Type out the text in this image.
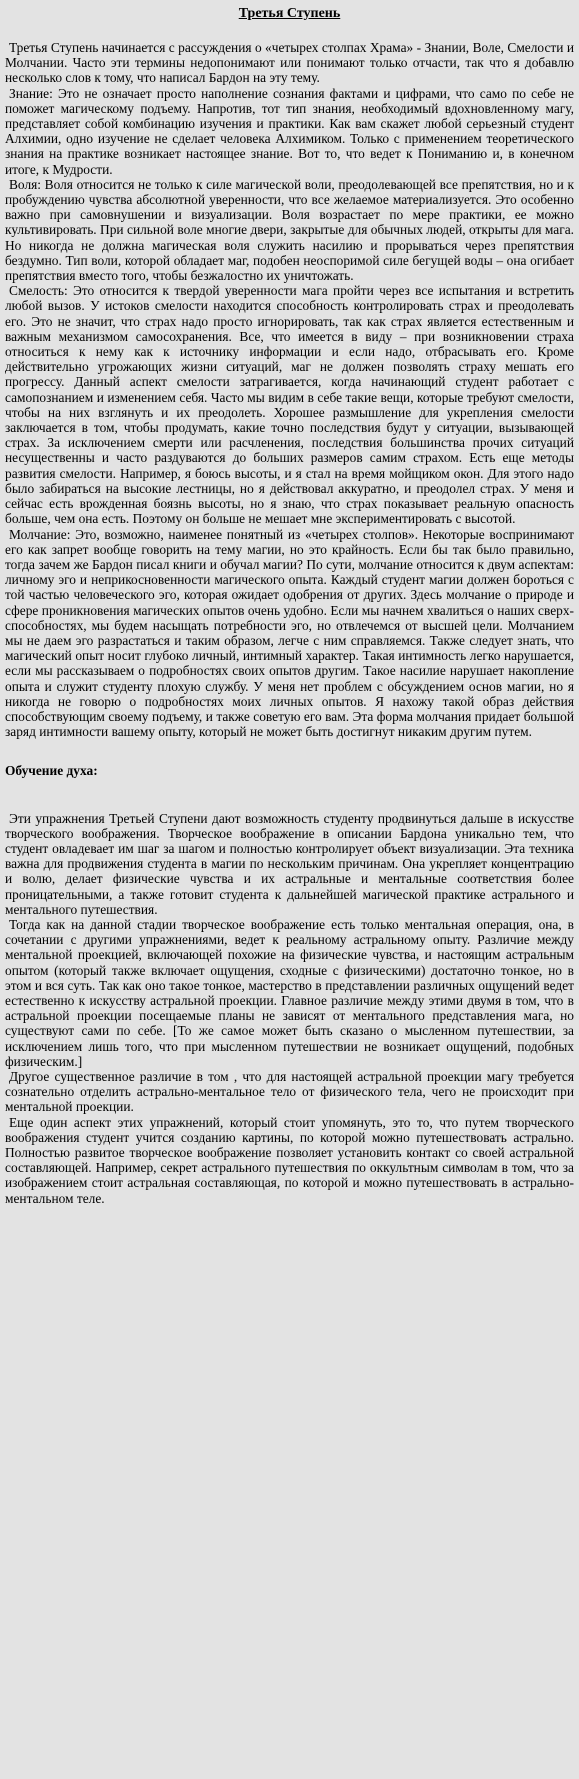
Третья Ступень

Третья Ступень начинается с рассуждения о «четырех столпах Храма» - Знании, Воле, Смелости и Молчании. Часто эти термины недопонимают или понимают только отчасти, так что я добавлю несколько слов к тому, что написал Бардон на эту тему.

Знание: Это не означает просто наполнение сознания фактами и цифрами, что само по себе не поможет магическому подъему. Напротив, тот тип знания, необходимый вдохновленному магу, представляет собой комбинацию изучения и практики. Как вам скажет любой серьезный студент Алхимии, одно изучение не сделает человека Алхимиком. Только с применением теоретического знания на практике возникает настоящее знание. Вот то, что ведет к Пониманию и, в конечном итоге, к Мудрости.

Воля: Воля относится не только к силе магической воли, преодолевающей все препятствия, но и к пробуждению чувства абсолютной уверенности, что все желаемое материализуется. Это особенно важно при самовнушении и визуализации. Воля возрастает по мере практики, ее можно культивировать. При сильной воле многие двери, закрытые для обычных людей, открыты для мага. Но никогда не должна магическая воля служить насилию и прорываться через препятствия бездумно. Тип воли, которой обладает маг, подобен неоспоримой силе бегущей воды – она огибает препятствия вместо того, чтобы безжалостно их уничтожать.

Смелость: Это относится к твердой уверенности мага пройти через все испытания и встретить любой вызов. У истоков смелости находится способность контролировать страх и преодолевать его. Это не значит, что страх надо просто игнорировать, так как страх является естественным и важным механизмом самосохранения. Все, что имеется в виду – при возникновении страха относиться к нему как к источнику информации и если надо, отбрасывать его. Кроме действительно угрожающих жизни ситуаций, маг не должен позволять страху мешать его прогрессу. Данный аспект смелости затрагивается, когда начинающий студент работает с самопознанием и изменением себя. Часто мы видим в себе такие вещи, которые требуют смелости, чтобы на них взглянуть и их преодолеть. Хорошее размышление для укрепления смелости заключается в том, чтобы продумать, какие точно последствия будут у ситуации, вызывающей страх. За исключением смерти или расчленения, последствия большинства прочих ситуаций несущественны и часто раздуваются до больших размеров самим страхом. Есть еще методы развития смелости. Например, я боюсь высоты, и я стал на время мойщиком окон. Для этого надо было забираться на высокие лестницы, но я действовал аккуратно, и преодолел страх. У меня и сейчас есть врожденная боязнь высоты, но я знаю, что страх показывает реальную опасность больше, чем она есть. Поэтому он больше не мешает мне экспериментировать с высотой.

Молчание: Это, возможно, наименее понятный из «четырех столпов». Некоторые воспринимают его как запрет вообще говорить на тему магии, но это крайность. Если бы так было правильно, тогда зачем же Бардон писал книги и обучал магии? По сути, молчание относится к двум аспектам: личному эго и неприкосновенности магического опыта. Каждый студент магии должен бороться с той частью человеческого эго, которая ожидает одобрения от других. Здесь молчание о природе и сфере проникновения магических опытов очень удобно. Если мы начнем хвалиться о наших сверх-способностях, мы будем насыщать потребности эго, но отвлечемся от высшей цели. Молчанием мы не даем эго разрастаться и таким образом, легче с ним справляемся. Также следует знать, что магический опыт носит глубоко личный, интимный характер. Такая интимность легко нарушается, если мы рассказываем о подробностях своих опытов другим. Такое насилие нарушает накопление опыта и служит студенту плохую службу. У меня нет проблем с обсуждением основ магии, но я никогда не говорю о подробностях моих личных опытов. Я нахожу такой образ действия способствующим своему подъему, и также советую его вам. Эта форма молчания придает большой заряд интимности вашему опыту, который не может быть достигнут никаким другим путем.

Обучение духа:

Эти упражнения Третьей Ступени дают возможность студенту продвинуться дальше в искусстве творческого воображения. Творческое воображение в описании Бардона уникально тем, что студент овладевает им шаг за шагом и полностью контролирует объект визуализации. Эта техника важна для продвижения студента в магии по нескольким причинам. Она укрепляет концентрацию и волю, делает физические чувства и их астральные и ментальные соответствия более проницательными, а также готовит студента к дальнейшей магической практике астрального и ментального путешествия.

Тогда как на данной стадии творческое воображение есть только ментальная операция, она, в сочетании с другими упражнениями, ведет к реальному астральному опыту. Различие между ментальной проекцией, включающей похожие на физические чувства, и настоящим астральным опытом (который также включает ощущения, сходные с физическими) достаточно тонкое, но в этом и вся суть. Так как оно такое тонкое, мастерство в представлении различных ощущений ведет естественно к искусству астральной проекции. Главное различие между этими двумя в том, что в астральной проекции посещаемые планы не зависят от ментального представления мага, но существуют сами по себе. [То же самое может быть сказано о мысленном путешествии, за исключением лишь того, что при мысленном путешествии не возникает ощущений, подобных физическим.]

Другое существенное различие в том , что для настоящей астральной проекции магу требуется сознательно отделить астрально-ментальное тело от физического тела, чего не происходит при ментальной проекции.

Еще один аспект этих упражнений, который стоит упомянуть, это то, что путем творческого воображения студент учится созданию картины, по которой можно путешествовать астрально. Полностью развитое творческое воображение позволяет установить контакт со своей астральной составляющей. Например, секрет астрального путешествия по оккультным символам в том, что за изображением стоит астральная составляющая, по которой и можно путешествовать в астрально-ментальном теле.
